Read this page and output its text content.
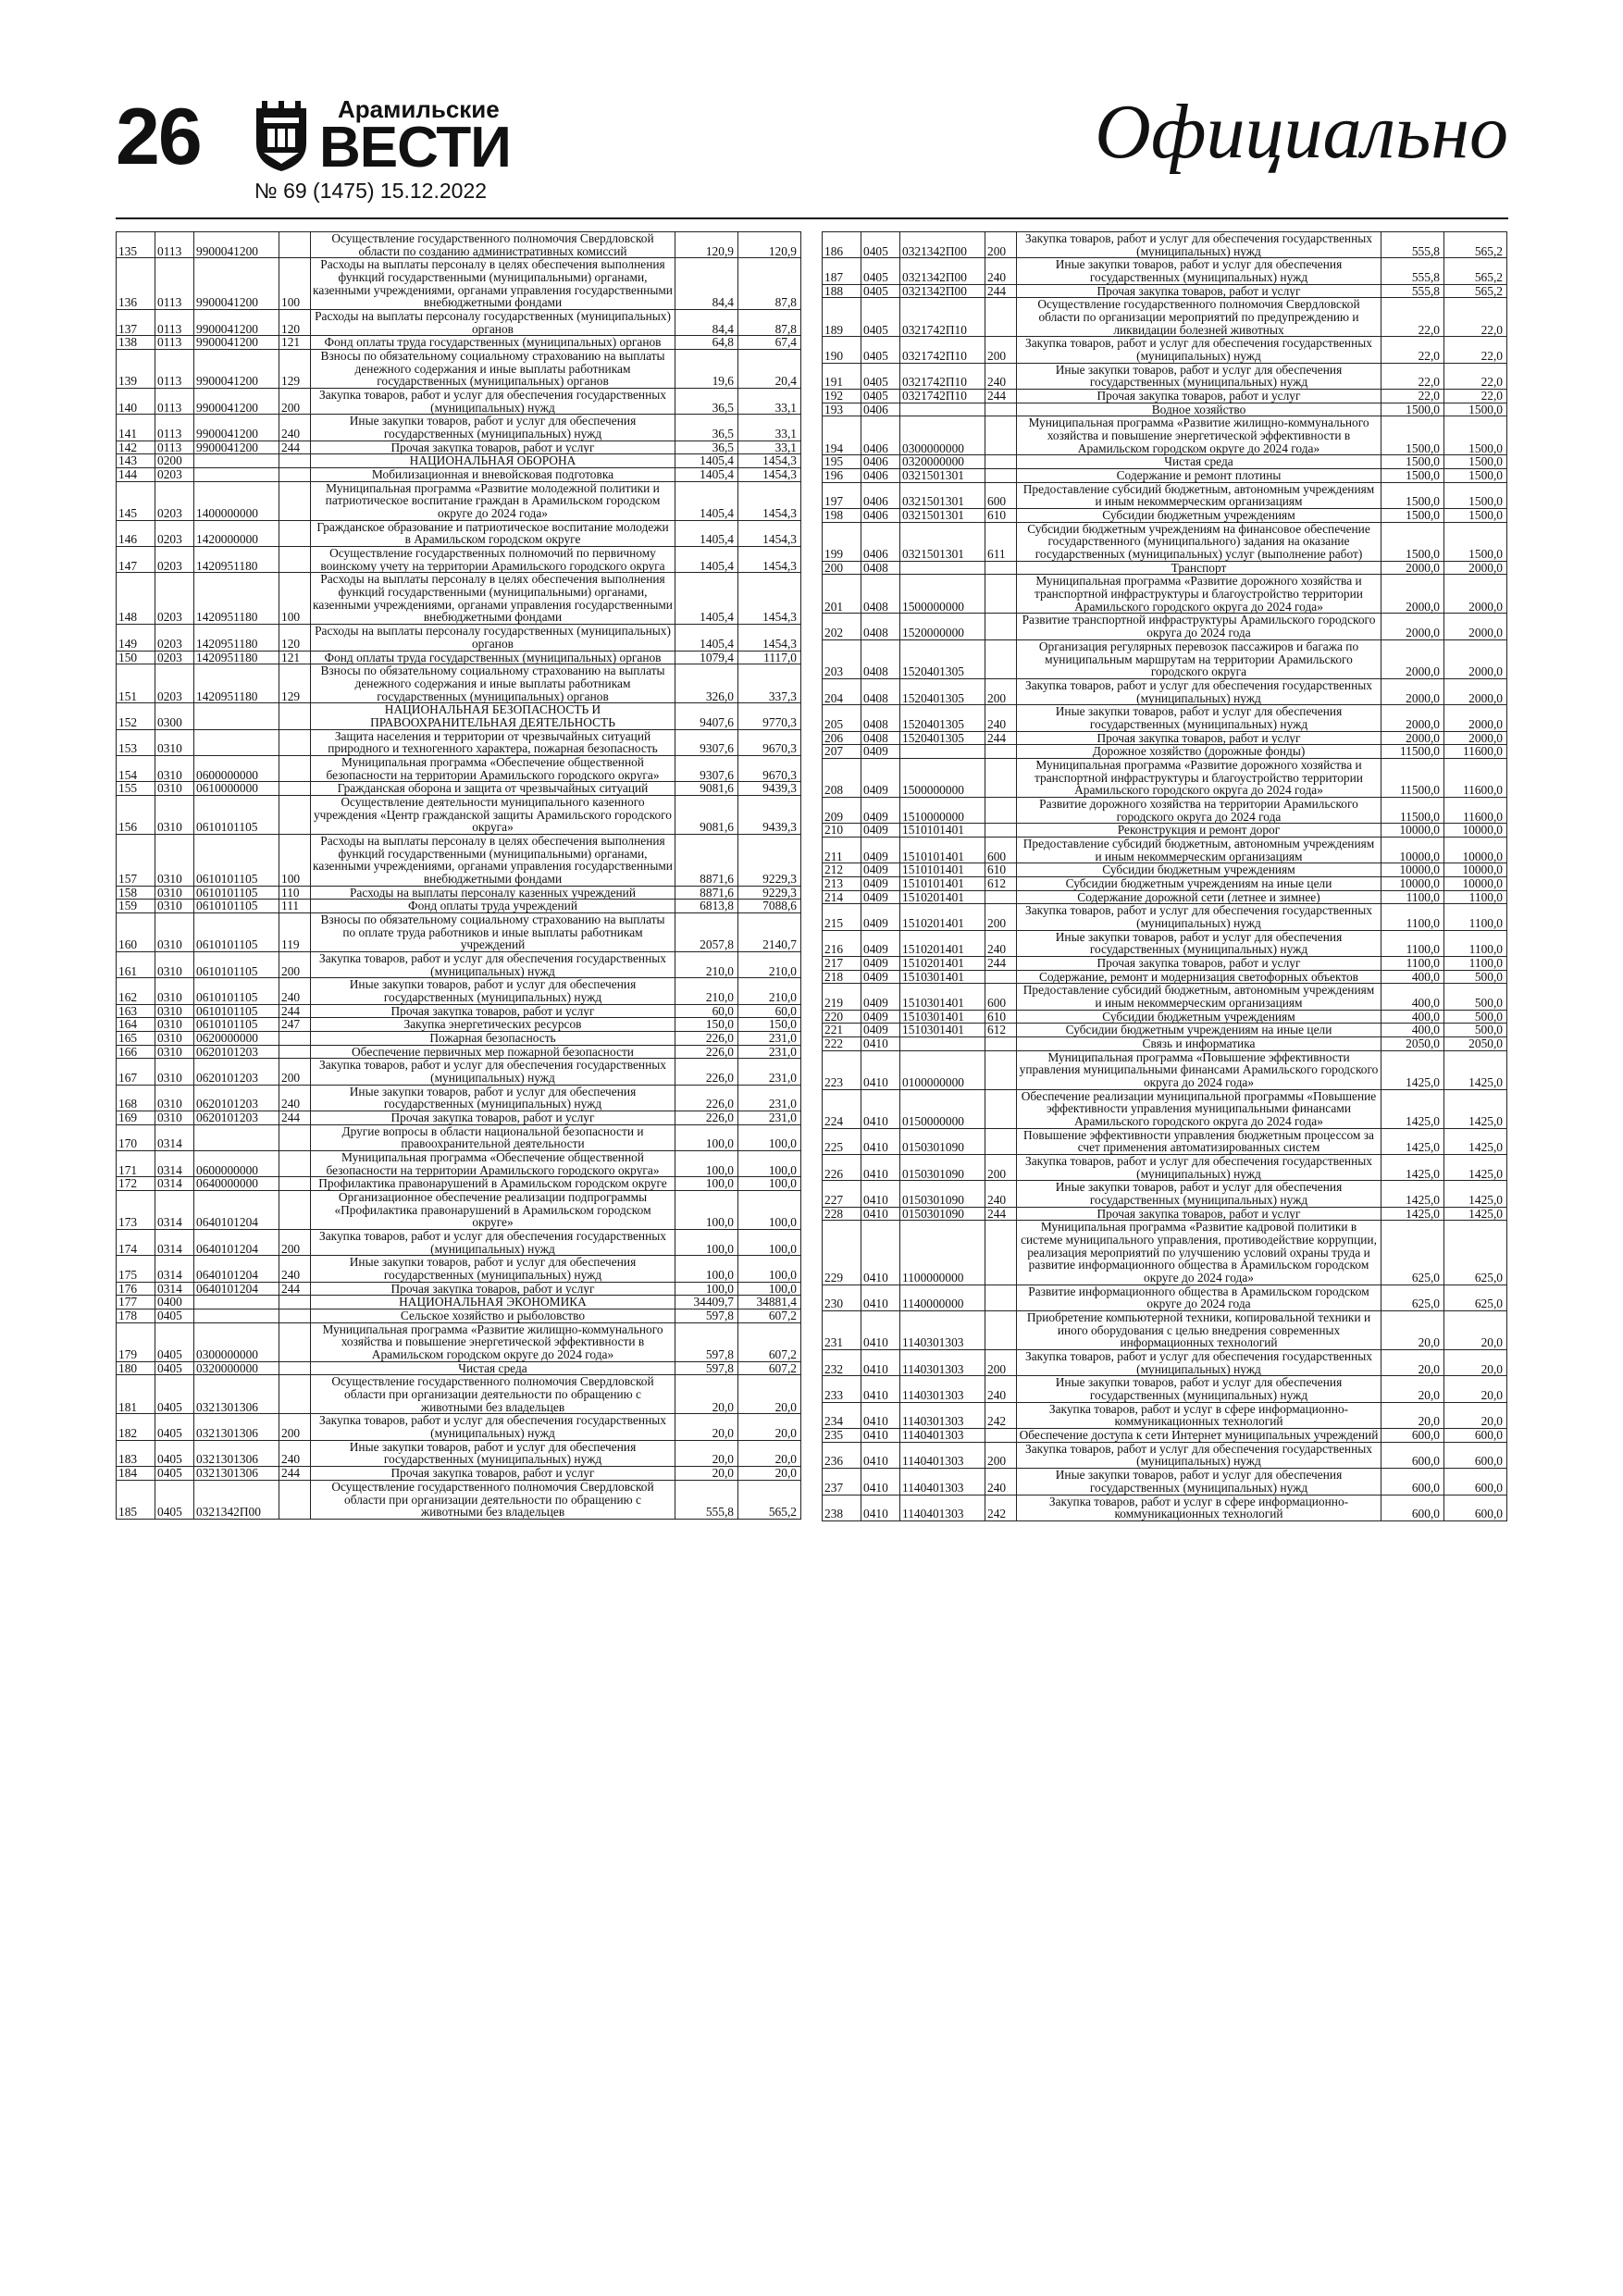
26	Арамильские
ВЕСТИ
№ 69 (1475) 15.12.2022
Официально
135	0113	9900041200		Осуществление государственного полномочия Свердловской области по созданию административных комиссий	120,9	120,9
136	0113	9900041200	100	Расходы на выплаты персоналу в целях обеспечения выполнения функций государственными (муниципальными) органами, казенными учреждениями, органами управления государственными внебюджетными фондами	84,4	87,8
137	0113	9900041200	120	Расходы на выплаты персоналу государственных (муниципальных) органов	84,4	87,8
138	0113	9900041200	121	Фонд оплаты труда государственных (муниципальных) органов	64,8	67,4
139	0113	9900041200	129	Взносы по обязательному социальному страхованию на выплаты денежного содержания и иные выплаты работникам государственных (муниципальных) органов	19,6	20,4
140	0113	9900041200	200	Закупка товаров, работ и услуг для обеспечения государственных (муниципальных) нужд	36,5	33,1
141	0113	9900041200	240	Иные закупки товаров, работ и услуг для обеспечения государственных (муниципальных) нужд	36,5	33,1
142	0113	9900041200	244	Прочая закупка товаров, работ и услуг	36,5	33,1
143	0200			НАЦИОНАЛЬНАЯ ОБОРОНА	1405,4	1454,3
144	0203			Мобилизационная и вневойсковая подготовка	1405,4	1454,3
145	0203	1400000000		Муниципальная программа «Развитие молодежной политики и патриотическое воспитание граждан в Арамильском городском округе до 2024 года»	1405,4	1454,3
146	0203	1420000000		Гражданское образование и патриотическое воспитание молодежи в Арамильском городском округе	1405,4	1454,3
147	0203	1420951180		Осуществление государственных полномочий по первичному воинскому учету на территории Арамильского городского округа	1405,4	1454,3
148	0203	1420951180	100	Расходы на выплаты персоналу в целях обеспечения выполнения функций государственными (муниципальными) органами, казенными учреждениями, органами управления государственными внебюджетными фондами	1405,4	1454,3
149	0203	1420951180	120	Расходы на выплаты персоналу государственных (муниципальных) органов	1405,4	1454,3
150	0203	1420951180	121	Фонд оплаты труда государственных (муниципальных) органов	1079,4	1117,0
151	0203	1420951180	129	Взносы по обязательному социальному страхованию на выплаты денежного содержания и иные выплаты работникам государственных (муниципальных) органов	326,0	337,3
152	0300			НАЦИОНАЛЬНАЯ БЕЗОПАСНОСТЬ И ПРАВООХРАНИТЕЛЬНАЯ ДЕЯТЕЛЬНОСТЬ	9407,6	9770,3
153	0310			Защита населения и территории от чрезвычайных ситуаций природного и техногенного характера, пожарная безопасность	9307,6	9670,3
154	0310	0600000000		Муниципальная программа «Обеспечение общественной безопасности на территории Арамильского городского округа»	9307,6	9670,3
155	0310	0610000000		Гражданская оборона и защита от чрезвычайных ситуаций	9081,6	9439,3
156	0310	0610101105		Осуществление деятельности муниципального казенного учреждения «Центр гражданской защиты Арамильского городского округа»	9081,6	9439,3
157	0310	0610101105	100	Расходы на выплаты персоналу в целях обеспечения выполнения функций государственными (муниципальными) органами, казенными учреждениями, органами управления государственными внебюджетными фондами	8871,6	9229,3
158	0310	0610101105	110	Расходы на выплаты персоналу казенных учреждений	8871,6	9229,3
159	0310	0610101105	111	Фонд оплаты труда учреждений	6813,8	7088,6
160	0310	0610101105	119	Взносы по обязательному социальному страхованию на выплаты по оплате труда работников и иные выплаты работникам учреждений	2057,8	2140,7
161	0310	0610101105	200	Закупка товаров, работ и услуг для обеспечения государственных (муниципальных) нужд	210,0	210,0
162	0310	0610101105	240	Иные закупки товаров, работ и услуг для обеспечения государственных (муниципальных) нужд	210,0	210,0
163	0310	0610101105	244	Прочая закупка товаров, работ и услуг	60,0	60,0
164	0310	0610101105	247	Закупка энергетических ресурсов	150,0	150,0
165	0310	0620000000		Пожарная безопасность	226,0	231,0
166	0310	0620101203		Обеспечение первичных мер пожарной безопасности	226,0	231,0
167	0310	0620101203	200	Закупка товаров, работ и услуг для обеспечения государственных (муниципальных) нужд	226,0	231,0
168	0310	0620101203	240	Иные закупки товаров, работ и услуг для обеспечения государственных (муниципальных) нужд	226,0	231,0
169	0310	0620101203	244	Прочая закупка товаров, работ и услуг	226,0	231,0
170	0314			Другие вопросы в области национальной безопасности и правоохранительной деятельности	100,0	100,0
171	0314	0600000000		Муниципальная программа «Обеспечение общественной безопасности на территории Арамильского городского округа»	100,0	100,0
172	0314	0640000000		Профилактика правонарушений в Арамильском городском округе	100,0	100,0
173	0314	0640101204		Организационное обеспечение реализации подпрограммы «Профилактика правонарушений в Арамильском городском округе»	100,0	100,0
174	0314	0640101204	200	Закупка товаров, работ и услуг для обеспечения государственных (муниципальных) нужд	100,0	100,0
175	0314	0640101204	240	Иные закупки товаров, работ и услуг для обеспечения государственных (муниципальных) нужд	100,0	100,0
176	0314	0640101204	244	Прочая закупка товаров, работ и услуг	100,0	100,0
177	0400			НАЦИОНАЛЬНАЯ ЭКОНОМИКА	34409,7	34881,4
178	0405			Сельское хозяйство и рыболовство	597,8	607,2
179	0405	0300000000		Муниципальная программа «Развитие жилищно-коммунального хозяйства и повышение энергетической эффективности в Арамильском городском округе до 2024 года»	597,8	607,2
180	0405	0320000000		Чистая среда	597,8	607,2
181	0405	0321301306		Осуществление государственного полномочия Свердловской области при организации деятельности по обращению с животными без владельцев	20,0	20,0
182	0405	0321301306	200	Закупка товаров, работ и услуг для обеспечения государственных (муниципальных) нужд	20,0	20,0
183	0405	0321301306	240	Иные закупки товаров, работ и услуг для обеспечения государственных (муниципальных) нужд	20,0	20,0
184	0405	0321301306	244	Прочая закупка товаров, работ и услуг	20,0	20,0
185	0405	0321342П00		Осуществление государственного полномочия Свердловской области при организации деятельности по обращению с животными без владельцев	555,8	565,2
186	0405	0321342П00	200	Закупка товаров, работ и услуг для обеспечения государственных (муниципальных) нужд	555,8	565,2
187	0405	0321342П00	240	Иные закупки товаров, работ и услуг для обеспечения государственных (муниципальных) нужд	555,8	565,2
188	0405	0321342П00	244	Прочая закупка товаров, работ и услуг	555,8	565,2
189	0405	0321742П10		Осуществление государственного полномочия Свердловской области по организации мероприятий по предупреждению и ликвидации болезней животных	22,0	22,0
190	0405	0321742П10	200	Закупка товаров, работ и услуг для обеспечения государственных (муниципальных) нужд	22,0	22,0
191	0405	0321742П10	240	Иные закупки товаров, работ и услуг для обеспечения государственных (муниципальных) нужд	22,0	22,0
192	0405	0321742П10	244	Прочая закупка товаров, работ и услуг	22,0	22,0
193	0406			Водное хозяйство	1500,0	1500,0
194	0406	0300000000		Муниципальная программа «Развитие жилищно-коммунального хозяйства и повышение энергетической эффективности в Арамильском городском округе до 2024 года»	1500,0	1500,0
195	0406	0320000000		Чистая среда	1500,0	1500,0
196	0406	0321501301		Содержание и ремонт плотины	1500,0	1500,0
197	0406	0321501301	600	Предоставление субсидий бюджетным, автономным учреждениям и иным некоммерческим организациям	1500,0	1500,0
198	0406	0321501301	610	Субсидии бюджетным учреждениям	1500,0	1500,0
199	0406	0321501301	611	Субсидии бюджетным учреждениям на финансовое обеспечение государственного (муниципального) задания на оказание государственных (муниципальных) услуг (выполнение работ)	1500,0	1500,0
200	0408			Транспорт	2000,0	2000,0
201	0408	1500000000		Муниципальная программа «Развитие дорожного хозяйства и транспортной инфраструктуры и благоустройство территории Арамильского городского округа до 2024 года»	2000,0	2000,0
202	0408	1520000000		Развитие транспортной инфраструктуры Арамильского городского округа до 2024 года	2000,0	2000,0
203	0408	1520401305		Организация регулярных перевозок пассажиров и багажа по муниципальным маршрутам на территории Арамильского городского округа	2000,0	2000,0
204	0408	1520401305	200	Закупка товаров, работ и услуг для обеспечения государственных (муниципальных) нужд	2000,0	2000,0
205	0408	1520401305	240	Иные закупки товаров, работ и услуг для обеспечения государственных (муниципальных) нужд	2000,0	2000,0
206	0408	1520401305	244	Прочая закупка товаров, работ и услуг	2000,0	2000,0
207	0409			Дорожное хозяйство (дорожные фонды)	11500,0	11600,0
208	0409	1500000000		Муниципальная программа «Развитие дорожного хозяйства и транспортной инфраструктуры и благоустройство территории Арамильского городского округа до 2024 года»	11500,0	11600,0
209	0409	1510000000		Развитие дорожного хозяйства на территории Арамильского городского округа до 2024 года	11500,0	11600,0
210	0409	1510101401		Реконструкция и ремонт дорог	10000,0	10000,0
211	0409	1510101401	600	Предоставление субсидий бюджетным, автономным учреждениям и иным некоммерческим организациям	10000,0	10000,0
212	0409	1510101401	610	Субсидии бюджетным учреждениям	10000,0	10000,0
213	0409	1510101401	612	Субсидии бюджетным учреждениям на иные цели	10000,0	10000,0
214	0409	1510201401		Содержание дорожной сети (летнее и зимнее)	1100,0	1100,0
215	0409	1510201401	200	Закупка товаров, работ и услуг для обеспечения государственных (муниципальных) нужд	1100,0	1100,0
216	0409	1510201401	240	Иные закупки товаров, работ и услуг для обеспечения государственных (муниципальных) нужд	1100,0	1100,0
217	0409	1510201401	244	Прочая закупка товаров, работ и услуг	1100,0	1100,0
218	0409	1510301401		Содержание, ремонт и модернизация светофорных объектов	400,0	500,0
219	0409	1510301401	600	Предоставление субсидий бюджетным, автономным учреждениям и иным некоммерческим организациям	400,0	500,0
220	0409	1510301401	610	Субсидии бюджетным учреждениям	400,0	500,0
221	0409	1510301401	612	Субсидии бюджетным учреждениям на иные цели	400,0	500,0
222	0410			Связь и информатика	2050,0	2050,0
223	0410	0100000000		Муниципальная программа «Повышение эффективности управления муниципальными финансами Арамильского городского округа до 2024 года»	1425,0	1425,0
224	0410	0150000000		Обеспечение реализации муниципальной программы «Повышение эффективности управления муниципальными финансами Арамильского городского округа до 2024 года»	1425,0	1425,0
225	0410	0150301090		Повышение эффективности управления бюджетным процессом за счет применения автоматизированных систем	1425,0	1425,0
226	0410	0150301090	200	Закупка товаров, работ и услуг для обеспечения государственных (муниципальных) нужд	1425,0	1425,0
227	0410	0150301090	240	Иные закупки товаров, работ и услуг для обеспечения государственных (муниципальных) нужд	1425,0	1425,0
228	0410	0150301090	244	Прочая закупка товаров, работ и услуг	1425,0	1425,0
229	0410	1100000000		Муниципальная программа «Развитие кадровой политики в системе муниципального управления, противодействие коррупции, реализация мероприятий по улучшению условий охраны труда и развитие информационного общества в Арамильском городском округе до 2024 года»	625,0	625,0
230	0410	1140000000		Развитие информационного общества в Арамильском городском округе до 2024 года	625,0	625,0
231	0410	1140301303		Приобретение компьютерной техники, копировальной техники и иного оборудования с целью внедрения современных информационных технологий	20,0	20,0
232	0410	1140301303	200	Закупка товаров, работ и услуг для обеспечения государственных (муниципальных) нужд	20,0	20,0
233	0410	1140301303	240	Иные закупки товаров, работ и услуг для обеспечения государственных (муниципальных) нужд	20,0	20,0
234	0410	1140301303	242	Закупка товаров, работ и услуг в сфере информационно-коммуникационных технологий	20,0	20,0
235	0410	1140401303		Обеспечение доступа к сети Интернет муниципальных учреждений	600,0	600,0
236	0410	1140401303	200	Закупка товаров, работ и услуг для обеспечения государственных (муниципальных) нужд	600,0	600,0
237	0410	1140401303	240	Иные закупки товаров, работ и услуг для обеспечения государственных (муниципальных) нужд	600,0	600,0
238	0410	1140401303	242	Закупка товаров, работ и услуг в сфере информационно-коммуникационных технологий	600,0	600,0
